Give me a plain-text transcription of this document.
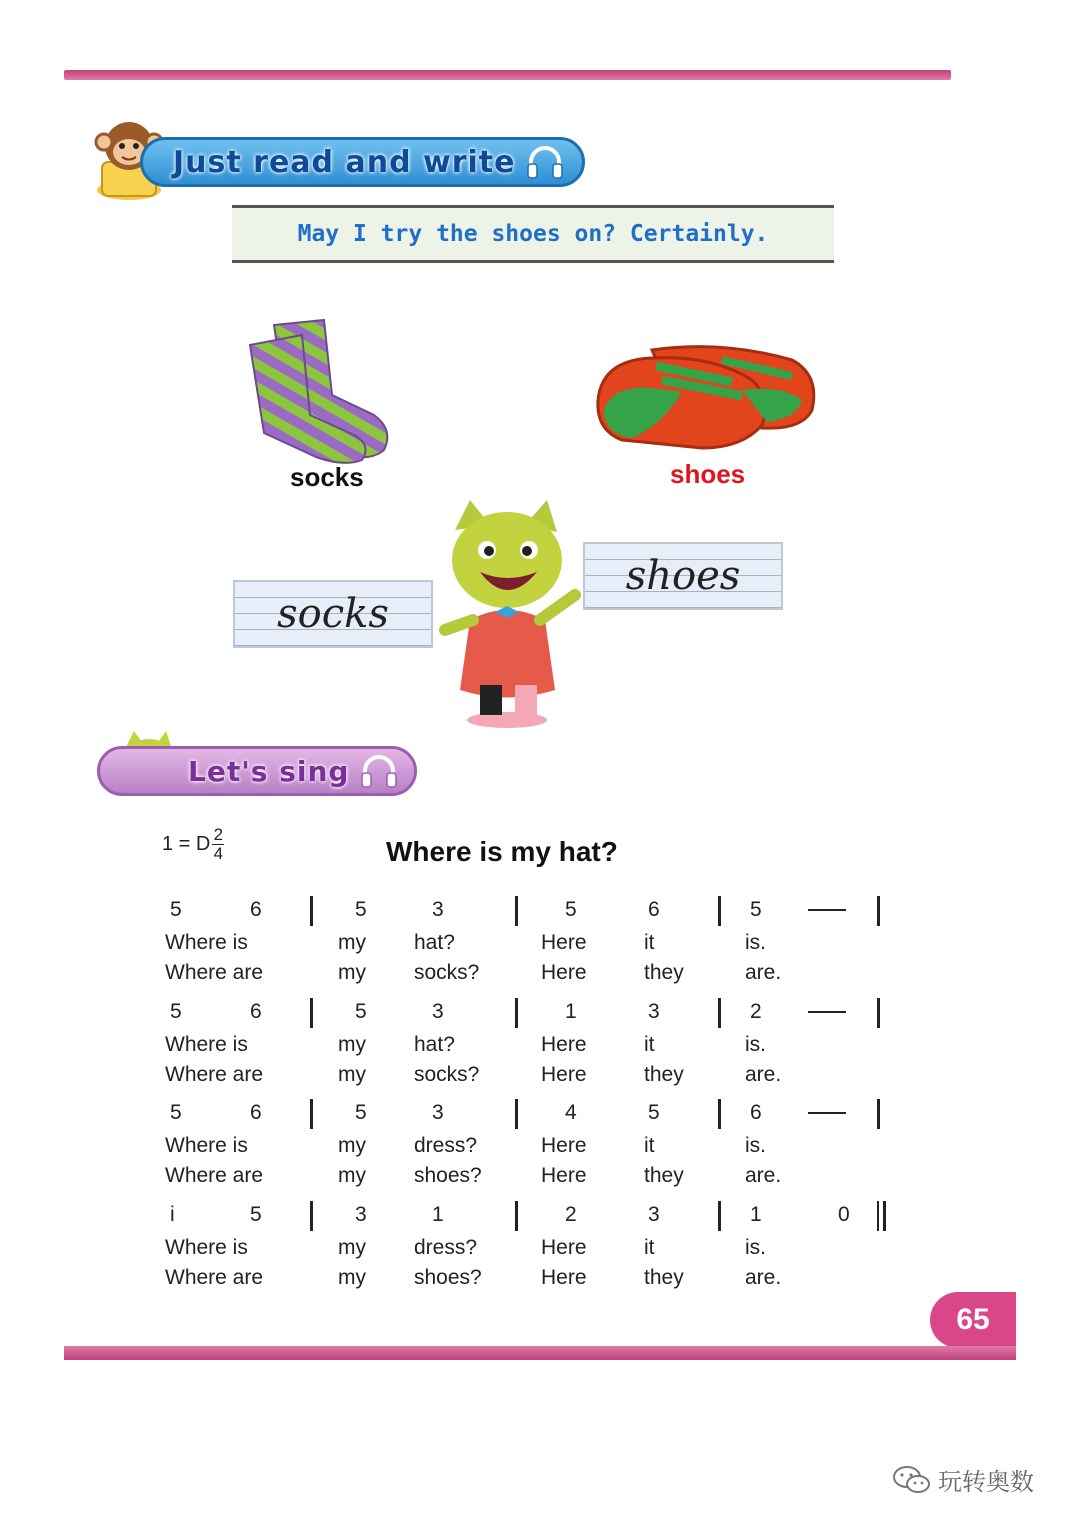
Just read and write
May I try the shoes on? Certainly.
socks	shoes
socks
shoes
Let's sing
1 = D $\frac{2}{4}$	Where is my hat?
5	6	5	3	5	6	5
Where is	my hat?	Here	it	is.
Where are	my socks?	Here	they	are.
5	6	5	3	1	3	2
Where is	my hat?	Here	it	is.
Where are	my socks?	Here	they	are.
5	6	5	3	4	5	6
Where is	my dress?	Here	it	is.
Where are	my shoes?	Here	they	are.
i	5	3	1	2	3	1	0
Where is	my dress?	Here	it	is.
Where are	my shoes?	Here	they	are.
65
玩转奥数
